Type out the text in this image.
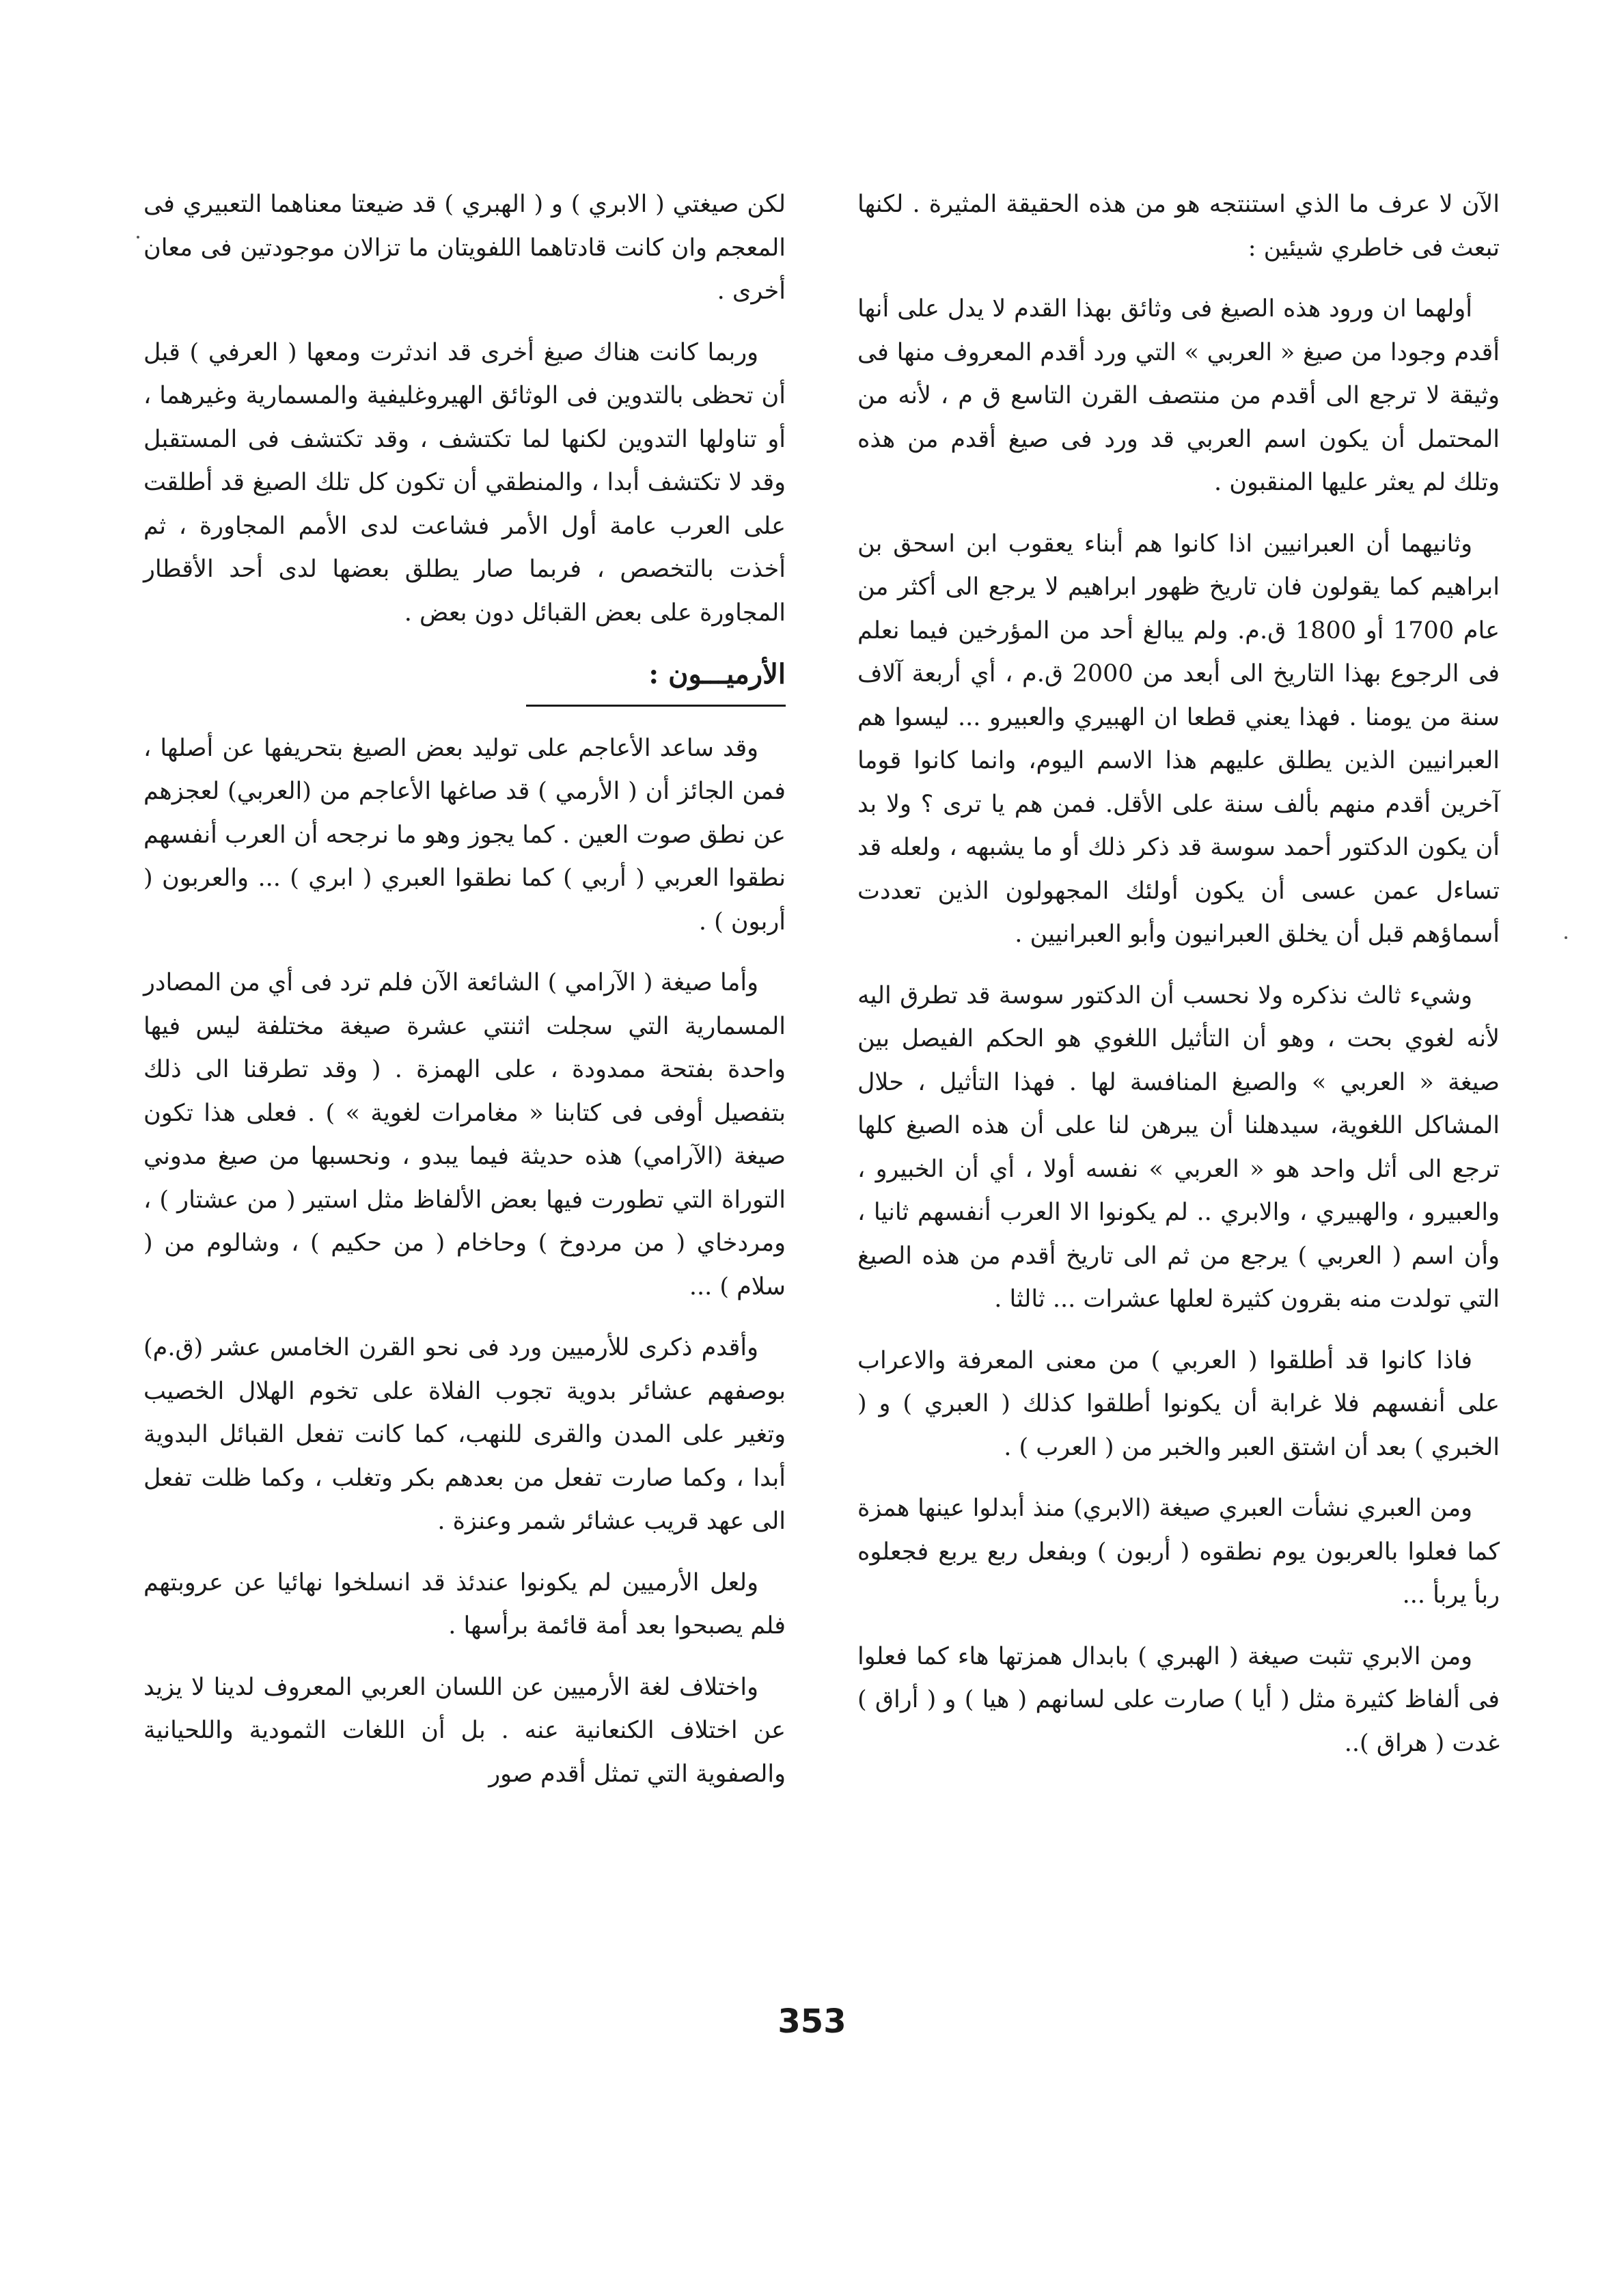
الآن لا عرف ما الذي استنتجه هو من هذه الحقيقة المثيرة . لكنها تبعث فى خاطري شيئين :

أولهما ان ورود هذه الصيغ فى وثائق بهذا القدم لا يدل على أنها أقدم وجودا من صيغ « العربي » التي ورد أقدم المعروف منها فى وثيقة لا ترجع الى أقدم من منتصف القرن التاسع ق م ، لأنه من المحتمل أن يكون اسم العربي قد ورد فى صيغ أقدم من هذه وتلك لم يعثر عليها المنقبون .

وثانيهما أن العبرانيين اذا كانوا هم أبناء يعقوب ابن اسحق بن ابراهيم كما يقولون فان تاريخ ظهور ابراهيم لا يرجع الى أكثر من عام 1700 أو 1800 ق.م. ولم يبالغ أحد من المؤرخين فيما نعلم فى الرجوع بهذا التاريخ الى أبعد من 2000 ق.م ، أي أربعة آلاف سنة من يومنا . فهذا يعني قطعا ان الهبيري والعبيرو ... ليسوا هم العبرانيين الذين يطلق عليهم هذا الاسم اليوم، وانما كانوا قوما آخرين أقدم منهم بألف سنة على الأقل. فمن هم يا ترى ؟ ولا بد أن يكون الدكتور أحمد سوسة قد ذكر ذلك أو ما يشبهه ، ولعله قد تساءل عمن عسى أن يكون أولئك المجهولون الذين تعددت أسماؤهم قبل أن يخلق العبرانيون وأبو العبرانيين .

وشيء ثالث نذكره ولا نحسب أن الدكتور سوسة قد تطرق اليه لأنه لغوي بحت ، وهو أن التأثيل اللغوي هو الحكم الفيصل بين صيغة « العربي » والصيغ المنافسة لها . فهذا التأثيل ، حلال المشاكل اللغوية، سيدهلنا أن يبرهن لنا على أن هذه الصيغ كلها ترجع الى أثل واحد هو « العربي » نفسه أولا ، أي أن الخبيرو ، والعبيرو ، والهبيري ، والابري .. لم يكونوا الا العرب أنفسهم ثانيا ، وأن اسم ( العربي ) يرجع من ثم الى تاريخ أقدم من هذه الصيغ التي تولدت منه بقرون كثيرة لعلها عشرات ... ثالثا .

فاذا كانوا قد أطلقوا ( العربي ) من معنى المعرفة والاعراب على أنفسهم فلا غرابة أن يكونوا أطلقوا كذلك ( العبري ) و ( الخبري ) بعد أن اشتق العبر والخبر من ( العرب ) .

ومن العبري نشأت العبري صيغة (الابري) منذ أبدلوا عينها همزة كما فعلوا بالعربون يوم نطقوه ( أربون ) وبفعل ربع يربع فجعلوه ربأ يربأ ...

ومن الابري تثبت صيغة ( الهبري ) بابدال همزتها هاء كما فعلوا فى ألفاظ كثيرة مثل ( أيا ) صارت على لسانهم ( هيا ) و ( أراق ) غدت ( هراق )..

لكن صيغتي ( الابري ) و ( الهبري ) قد ضيعتا معناهما التعبيري فى المعجم وان كانت قادتاهما اللفويتان ما تزالان موجودتين فى معان أخرى .

وربما كانت هناك صيغ أخرى قد اندثرت ومعها ( العرفي ) قبل أن تحظى بالتدوين فى الوثائق الهيروغليفية والمسمارية وغيرهما ، أو تناولها التدوين لكنها لما تكتشف ، وقد تكتشف فى المستقبل وقد لا تكتشف أبدا ، والمنطقي أن تكون كل تلك الصيغ قد أطلقت على العرب عامة أول الأمر فشاعت لدى الأمم المجاورة ، ثم أخذت بالتخصص ، فربما صار يطلق بعضها لدى أحد الأقطار المجاورة على بعض القبائل دون بعض .

الأرميـــون :

وقد ساعد الأعاجم على توليد بعض الصيغ بتحريفها عن أصلها ، فمن الجائز أن ( الأرمي ) قد صاغها الأعاجم من (العربي) لعجزهم عن نطق صوت العين . كما يجوز وهو ما نرجحه أن العرب أنفسهم نطقوا العربي ( أربي ) كما نطقوا العبري ( ابري ) ... والعربون ( أربون ) .

وأما صيغة ( الآرامي ) الشائعة الآن فلم ترد فى أي من المصادر المسمارية التي سجلت اثنتي عشرة صيغة مختلفة ليس فيها واحدة بفتحة ممدودة ، على الهمزة . ( وقد تطرقنا الى ذلك بتفصيل أوفى فى كتابنا « مغامرات لغوية » ) . فعلى هذا تكون صيغة (الآرامي) هذه حديثة فيما يبدو ، ونحسبها من صيغ مدوني التوراة التي تطورت فيها بعض الألفاظ مثل استير ( من عشتار ) ، ومردخاي ( من مردوخ ) وحاخام ( من حكيم ) ، وشالوم من ( سلام ) ...

وأقدم ذكرى للأرميين ورد فى نحو القرن الخامس عشر (ق.م) بوصفهم عشائر بدوية تجوب الفلاة على تخوم الهلال الخصيب وتغير على المدن والقرى للنهب، كما كانت تفعل القبائل البدوية أبدا ، وكما صارت تفعل من بعدهم بكر وتغلب ، وكما ظلت تفعل الى عهد قريب عشائر شمر وعنزة .

ولعل الأرميين لم يكونوا عندئذ قد انسلخوا نهائيا عن عروبتهم فلم يصبحوا بعد أمة قائمة برأسها .

واختلاف لغة الأرميين عن اللسان العربي المعروف لدينا لا يزيد عن اختلاف الكنعانية عنه . بل أن اللغات الثمودية واللحيانية والصفوية التي تمثل أقدم صور

353
